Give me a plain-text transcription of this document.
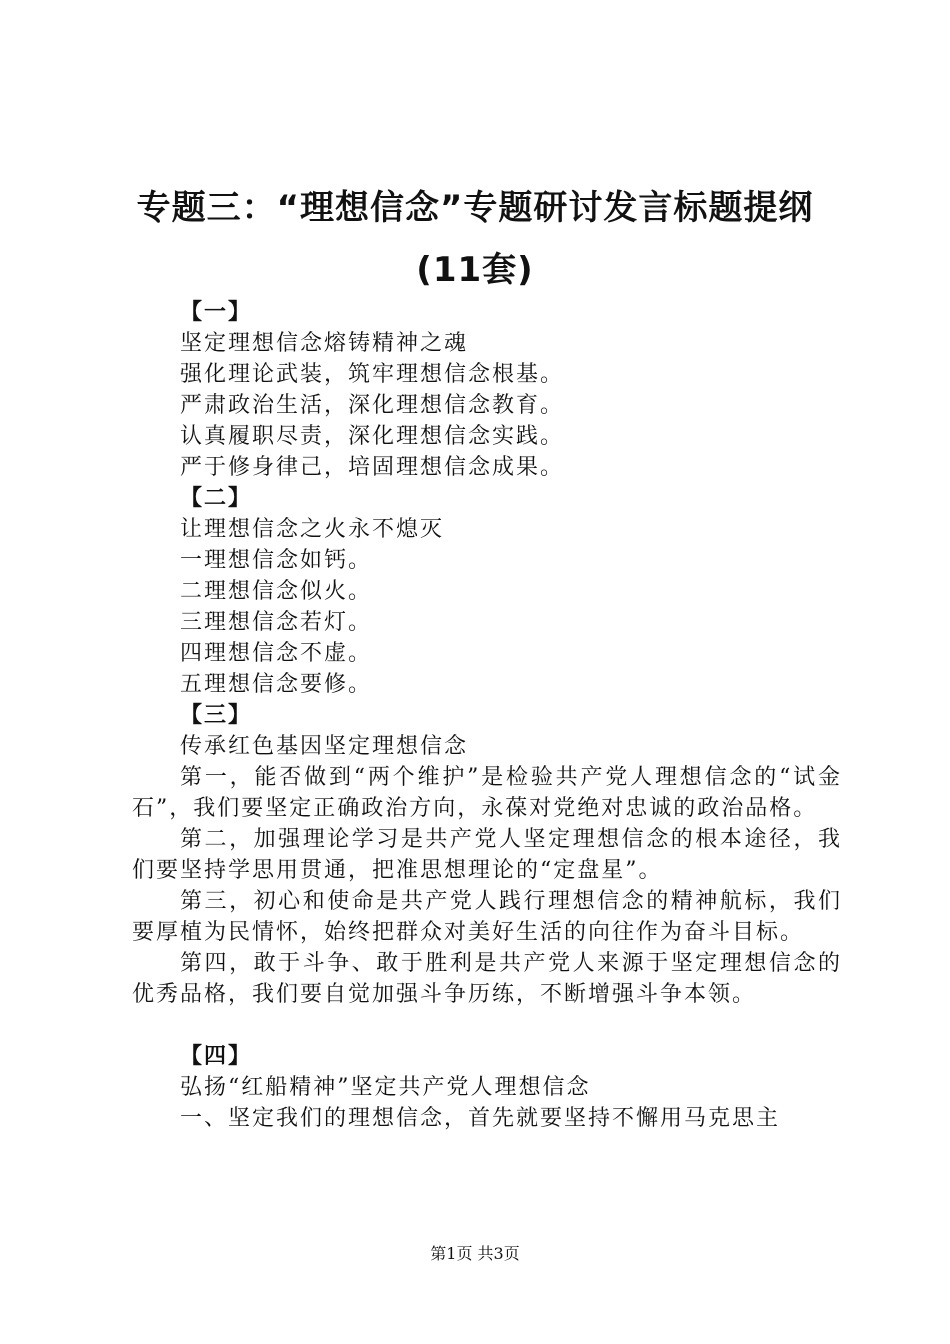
专题三：“理想信念”专题研讨发言标题提纲
(11套)
【一】
坚定理想信念熔铸精神之魂
强化理论武装，筑牢理想信念根基。
严肃政治生活，深化理想信念教育。
认真履职尽责，深化理想信念实践。
严于修身律己，培固理想信念成果。
【二】
让理想信念之火永不熄灭
一理想信念如钙。
二理想信念似火。
三理想信念若灯。
四理想信念不虚。
五理想信念要修。
【三】
传承红色基因坚定理想信念
第一，能否做到“两个维护”是检验共产党人理想信念的“试金石”，我们要坚定正确政治方向，永葆对党绝对忠诚的政治品格。
第二，加强理论学习是共产党人坚定理想信念的根本途径，我们要坚持学思用贯通，把准思想理论的“定盘星”。
第三，初心和使命是共产党人践行理想信念的精神航标，我们要厚植为民情怀，始终把群众对美好生活的向往作为奋斗目标。
第四，敢于斗争、敢于胜利是共产党人来源于坚定理想信念的优秀品格，我们要自觉加强斗争历练，不断增强斗争本领。
【四】
弘扬“红船精神”坚定共产党人理想信念
一、坚定我们的理想信念，首先就要坚持不懈用马克思主
第1页 共3页
